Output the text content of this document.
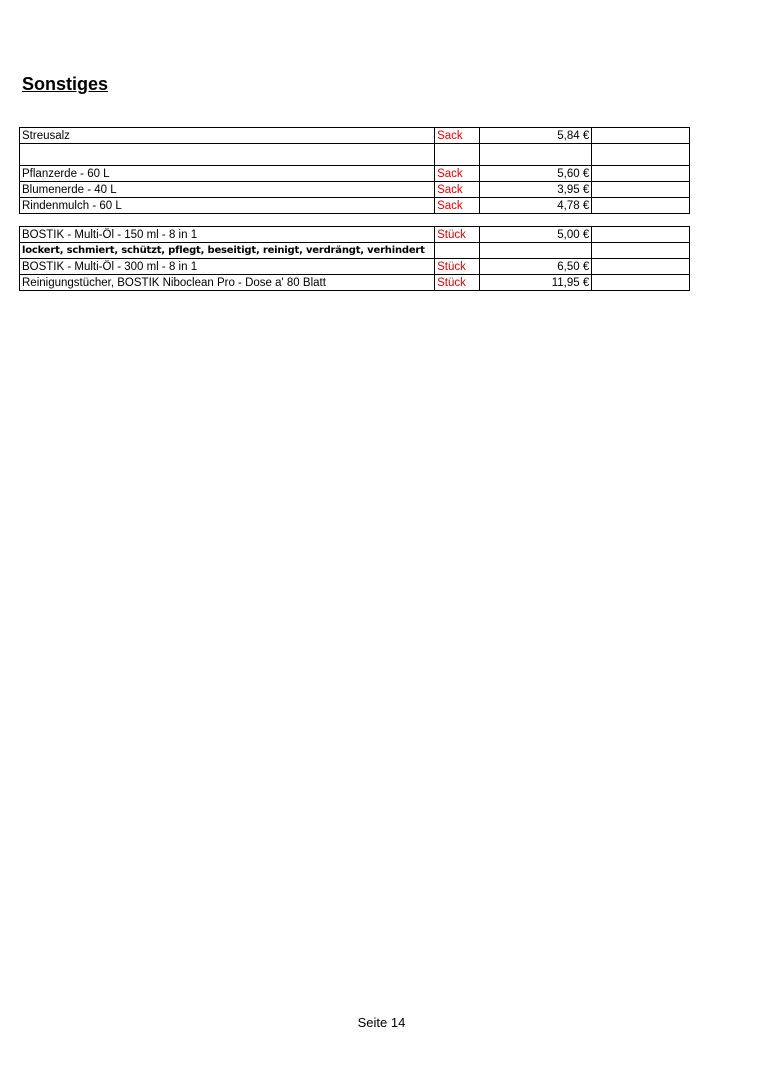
Sonstiges
Streusalz	Sack	5,84 €	

Pflanzerde - 60 L	Sack	5,60 €	
Blumenerde - 40 L	Sack	3,95 €	
Rindenmulch - 60 L	Sack	4,78 €	
BOSTIK - Multi-Öl - 150 ml - 8 in 1	Stück	5,00 €	
lockert, schmiert, schützt, pflegt, beseitigt, reinigt, verdrängt, verhindert			
BOSTIK - Multi-Öl - 300 ml - 8 in 1	Stück	6,50 €	
Reinigungstücher, BOSTIK Niboclean Pro - Dose a' 80 Blatt	Stück	11,95 €	
Seite 14
